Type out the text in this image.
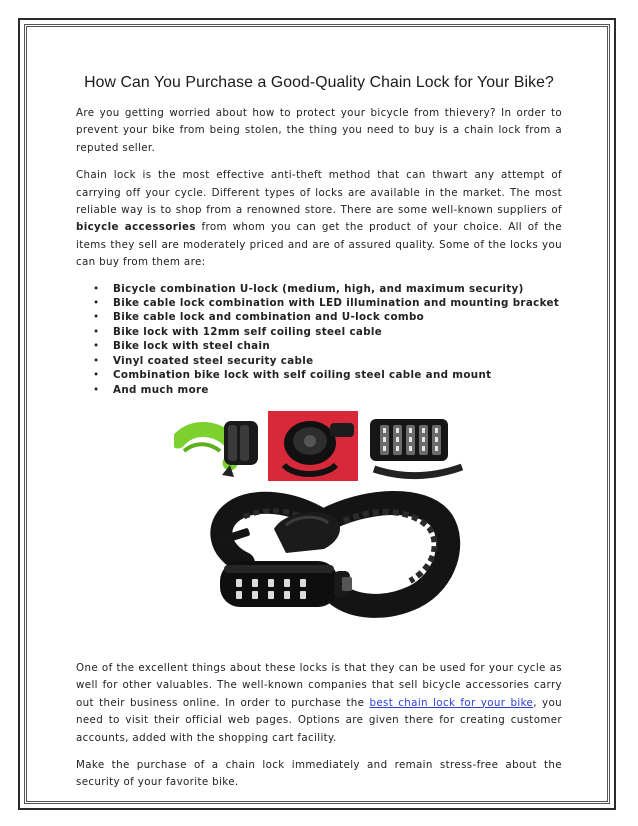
How Can You Purchase a Good-Quality Chain Lock for Your Bike?

Are you getting worried about how to protect your bicycle from thievery? In order to prevent your bike from being stolen, the thing you need to buy is a chain lock from a reputed seller.

Chain lock is the most effective anti-theft method that can thwart any attempt of carrying off your cycle. Different types of locks are available in the market. The most reliable way is to shop from a renowned store. There are some well-known suppliers of bicycle accessories from whom you can get the product of your choice. All of the items they sell are moderately priced and are of assured quality. Some of the locks you can buy from them are:

• Bicycle combination U-lock (medium, high, and maximum security)
• Bike cable lock combination with LED illumination and mounting bracket
• Bike cable lock and combination and U-lock combo
• Bike lock with 12mm self coiling steel cable
• Bike lock with steel chain
• Vinyl coated steel security cable
• Combination bike lock with self coiling steel cable and mount
• And much more

One of the excellent things about these locks is that they can be used for your cycle as well for other valuables. The well-known companies that sell bicycle accessories carry out their business online. In order to purchase the best chain lock for your bike, you need to visit their official web pages. Options are given there for creating customer accounts, added with the shopping cart facility.

Make the purchase of a chain lock immediately and remain stress-free about the security of your favorite bike.
